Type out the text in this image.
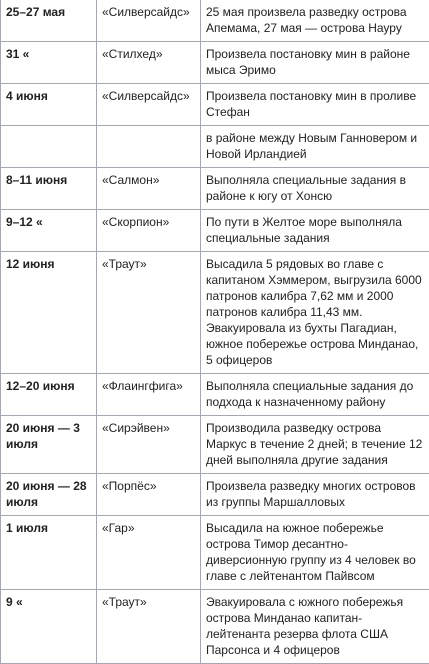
25–27 мая	«Силверсайдс»	25 мая произвела разведку острова Апемама, 27 мая — острова Науру
31 «	«Стилхед»	Произвела постановку мин в районе мыса Эримо
4 июня	«Силверсайдс»	Произвела постановку мин в проливе Стефан
		в районе между Новым Ганновером и Новой Ирландией
8–11 июня	«Салмон»	Выполняла специальные задания в районе к югу от Хонсю
9–12 «	«Скорпион»	По пути в Желтое море выполняла специальные задания
12 июня	«Траут»	Высадила 5 рядовых во главе с капитаном Хэммером, выгрузила 6000 патронов калибра 7,62 мм и 2000 патронов калибра 11,43 мм. Эвакуировала из бухты Пагадиан, южное побережье острова Минданао, 5 офицеров
12–20 июня	«Флаингфига»	Выполняла специальные задания до подхода к назначенному району
20 июня — 3 июля	«Сирэйвен»	Производила разведку острова Маркус в течение 2 дней; в течение 12 дней выполняла другие задания
20 июня — 28 июля	«Порпёс»	Произвела разведку многих островов из группы Маршалловых
1 июля	«Гар»	Высадила на южное побережье острова Тимор десантно-диверсионную группу из 4 человек во главе с лейтенантом Пайвсом
9 «	«Траут»	Эвакуировала с южного побережья острова Минданао капитан-лейтенанта резерва флота США Парсонса и 4 офицеров
